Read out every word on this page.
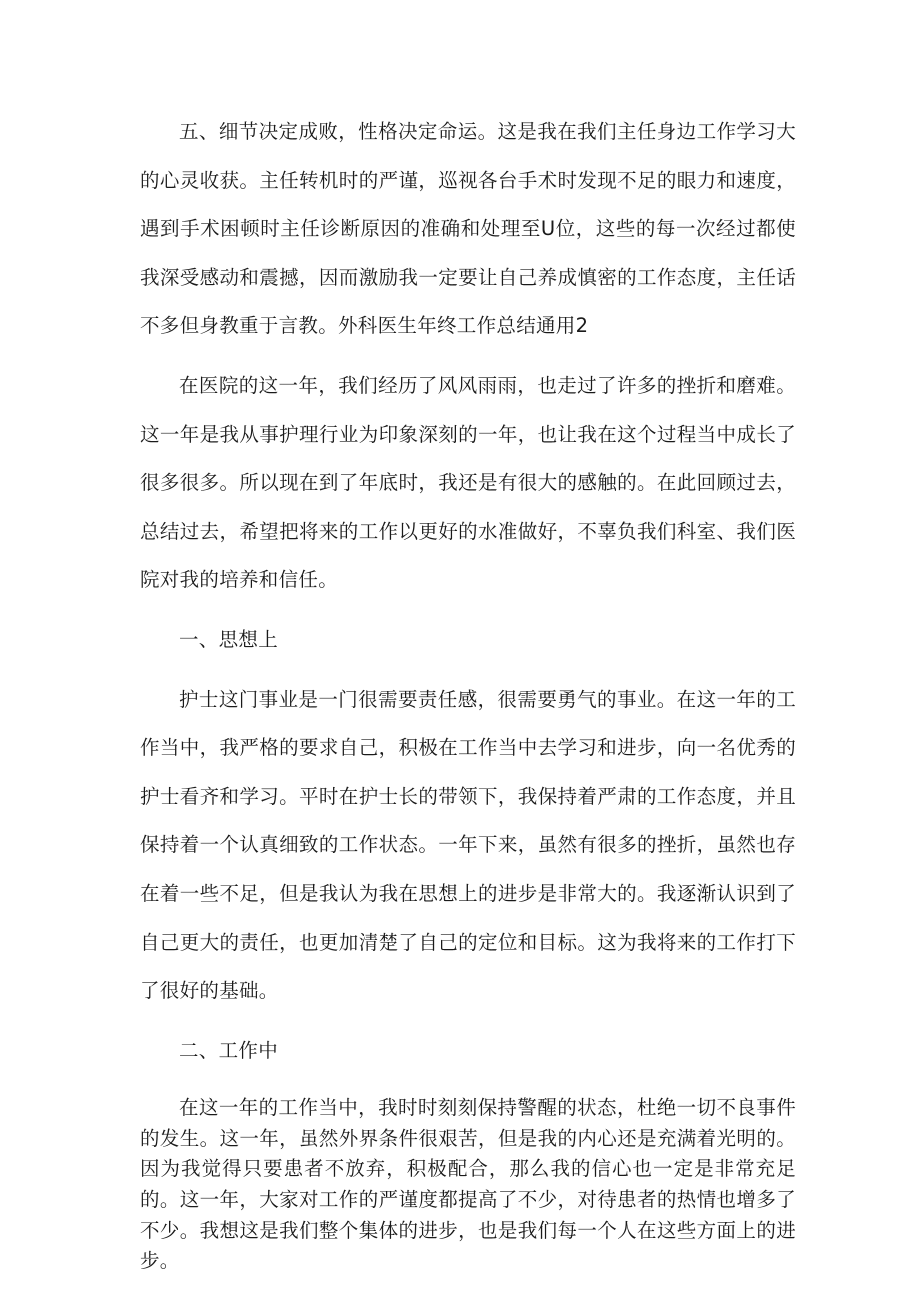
五、细节决定成败，性格决定命运。这是我在我们主任身边工作学习大的心灵收获。主任转机时的严谨，巡视各台手术时发现不足的眼力和速度，遇到手术困顿时主任诊断原因的准确和处理至U位，这些的每一次经过都使我深受感动和震撼，因而激励我一定要让自己养成慎密的工作态度，主任话不多但身教重于言教。外科医生年终工作总结通用2

在医院的这一年，我们经历了风风雨雨，也走过了许多的挫折和磨难。这一年是我从事护理行业为印象深刻的一年，也让我在这个过程当中成长了很多很多。所以现在到了年底时，我还是有很大的感触的。在此回顾过去，总结过去，希望把将来的工作以更好的水准做好，不辜负我们科室、我们医院对我的培养和信任。

一、思想上

护士这门事业是一门很需要责任感，很需要勇气的事业。在这一年的工作当中，我严格的要求自己，积极在工作当中去学习和进步，向一名优秀的护士看齐和学习。平时在护士长的带领下，我保持着严肃的工作态度，并且保持着一个认真细致的工作状态。一年下来，虽然有很多的挫折，虽然也存在着一些不足，但是我认为我在思想上的进步是非常大的。我逐渐认识到了自己更大的责任，也更加清楚了自己的定位和目标。这为我将来的工作打下了很好的基础。

二、工作中

在这一年的工作当中，我时时刻刻保持警醒的状态，杜绝一切不良事件的发生。这一年，虽然外界条件很艰苦，但是我的内心还是充满着光明的。因为我觉得只要患者不放弃，积极配合，那么我的信心也一定是非常充足的。这一年，大家对工作的严谨度都提高了不少，对待患者的热情也增多了不少。我想这是我们整个集体的进步，也是我们每一个人在这些方面上的进步。
